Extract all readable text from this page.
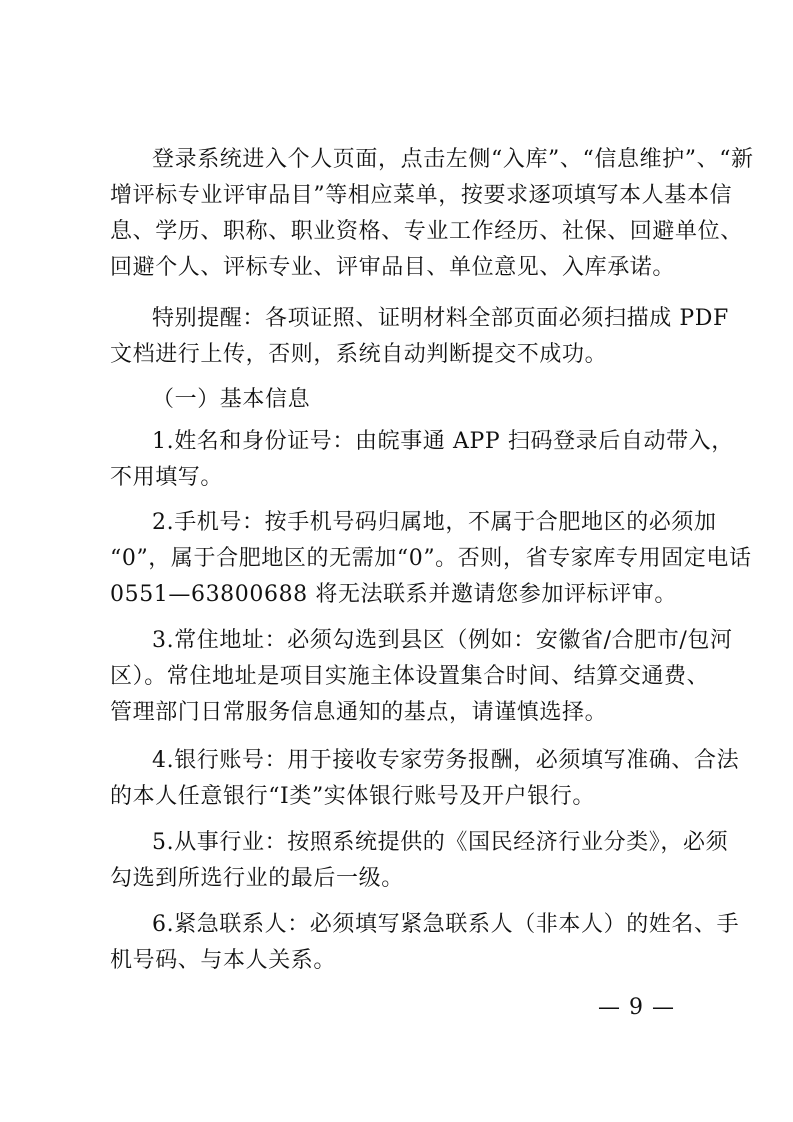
登录系统进入个人页面，点击左侧“入库”、“信息维护”、“新
增评标专业评审品目”等相应菜单，按要求逐项填写本人基本信
息、学历、职称、职业资格、专业工作经历、社保、回避单位、
回避个人、评标专业、评审品目、单位意见、入库承诺。
特别提醒：各项证照、证明材料全部页面必须扫描成 PDF
文档进行上传，否则，系统自动判断提交不成功。
（一）基本信息
1.姓名和身份证号：由皖事通 APP 扫码登录后自动带入，
不用填写。
2.手机号：按手机号码归属地，不属于合肥地区的必须加
“0”，属于合肥地区的无需加“0”。否则，省专家库专用固定电话
0551—63800688 将无法联系并邀请您参加评标评审。
3.常住地址：必须勾选到县区（例如：安徽省/合肥市/包河
区）。常住地址是项目实施主体设置集合时间、结算交通费、
管理部门日常服务信息通知的基点，请谨慎选择。
4.银行账号：用于接收专家劳务报酬，必须填写准确、合法
的本人任意银行“Ⅰ类”实体银行账号及开户银行。
5.从事行业：按照系统提供的《国民经济行业分类》，必须
勾选到所选行业的最后一级。
6.紧急联系人：必须填写紧急联系人（非本人）的姓名、手
机号码、与本人关系。
— 9 —
